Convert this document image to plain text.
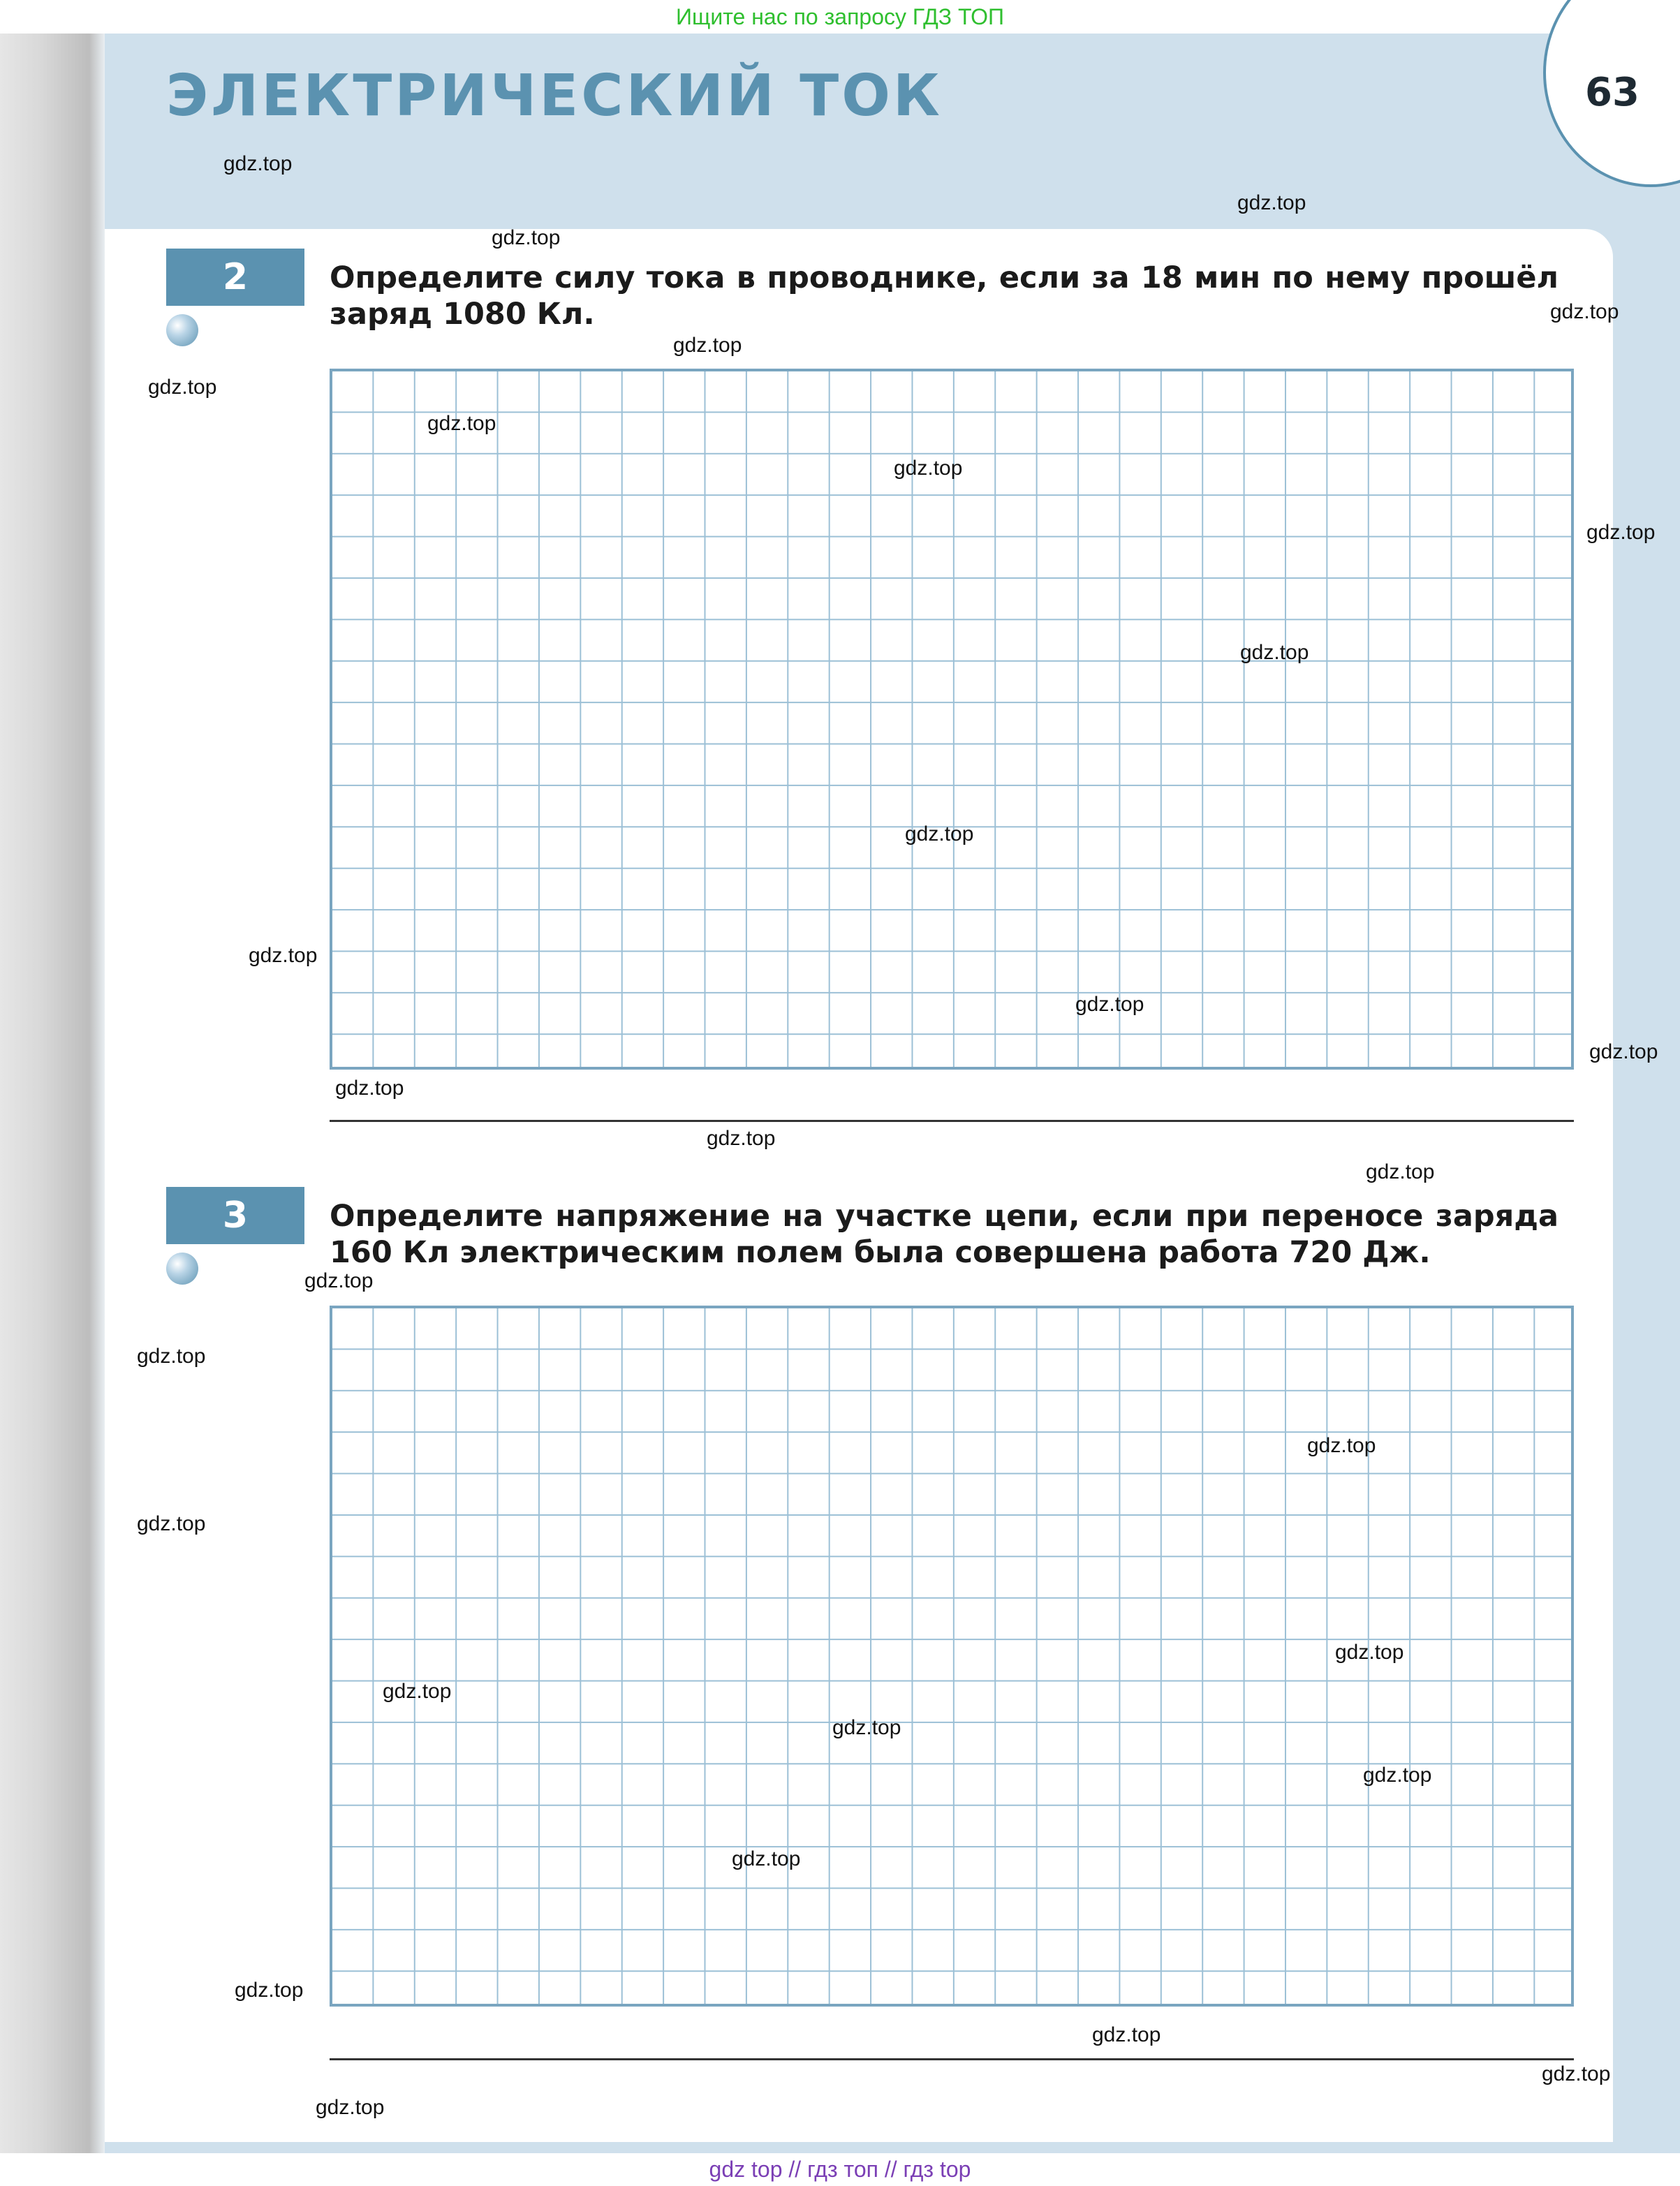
Ищите нас по запросу ГДЗ ТОП
63
ЭЛЕКТРИЧЕСКИЙ ТОК
2	Определите силу тока в проводнике, если за 18 мин по нему прошёл заряд 1080 Кл.
3	Определите напряжение на участке цепи, если при переносе заряда 160 Кл электрическим полем была совершена работа 720 Дж.
gdz.top
gdz.top
gdz.top
gdz.top
gdz.top
gdz.top
gdz.top
gdz.top
gdz.top
gdz.top
gdz.top
gdz.top
gdz.top
gdz.top
gdz.top
gdz.top
gdz.top
gdz.top
gdz.top
gdz.top
gdz.top
gdz.top
gdz.top
gdz.top
gdz.top
gdz.top
gdz.top
gdz.top
gdz.top
gdz.top
gdz top // гдз топ // гдз top
